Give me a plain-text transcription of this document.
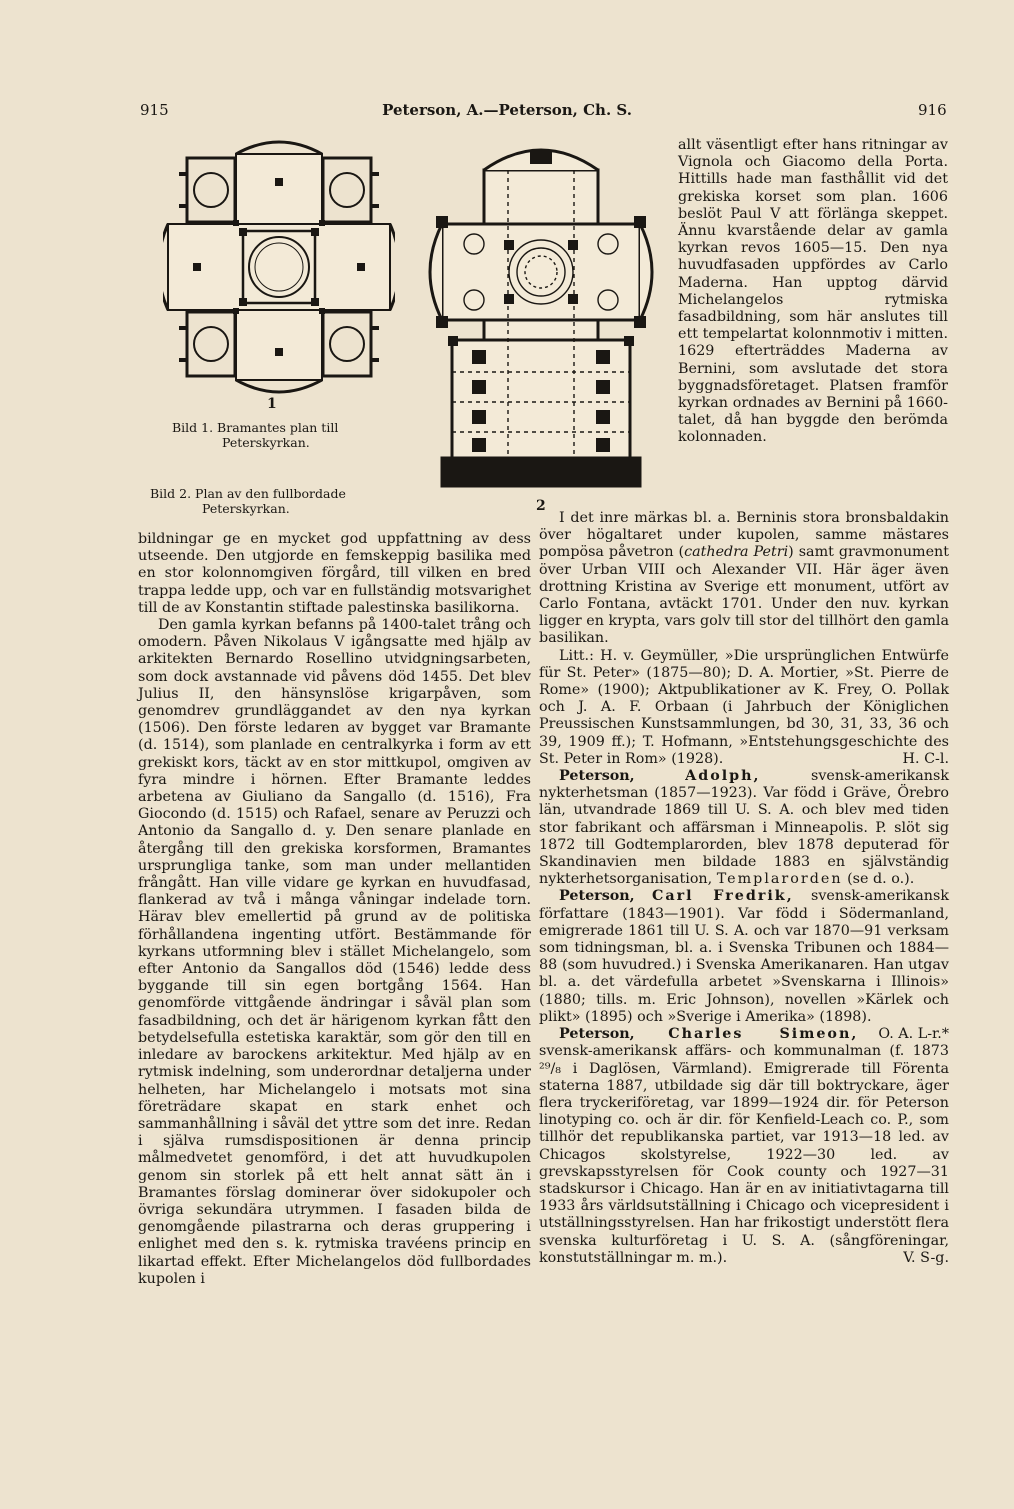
915	Peterson, A.—Peterson, Ch. S.	916
1
Bild 1. Bramantes plan till

Peterskyrkan.
2
Bild 2. Plan av den fullbordade

Peterskyrkan.

allt väsentligt efter hans ritningar av Vignola och Giacomo della Porta. Hittills hade man fasthållit vid det grekiska korset som plan. 1606 beslöt Paul V att förlänga skeppet. Ännu kvarstående delar av gamla kyrkan revos 1605—15. Den nya huvudfasaden uppfördes av Carlo Maderna. Han upptog därvid Michelangelos rytmiska fasadbildning, som här anslutes till ett tempelartat kolonnmotiv i mitten. 1629 efterträddes Maderna av Bernini, som avslutade det stora byggnadsföretaget. Platsen framför kyrkan ordnades av Bernini på 1660-talet, då han byggde den berömda kolonnaden.

bildningar ge en mycket god uppfattning av dess utseende. Den utgjorde en femskeppig basilika med en stor kolonnomgiven förgård, till vilken en bred trappa ledde upp, och var en fullständig motsvarighet till de av Konstantin stiftade palestinska basilikorna.

Den gamla kyrkan befanns på 1400-talet trång och omodern. Påven Nikolaus V igångsatte med hjälp av arkitekten Bernardo Rosellino utvidgningsarbeten, som dock avstannade vid påvens död 1455. Det blev Julius II, den hänsynslöse krigarpåven, som genomdrev grundläggandet av den nya kyrkan (1506). Den förste ledaren av bygget var Bramante (d. 1514), som planlade en centralkyrka i form av ett grekiskt kors, täckt av en stor mittkupol, omgiven av fyra mindre i hörnen. Efter Bramante leddes arbetena av Giuliano da Sangallo (d. 1516), Fra Giocondo (d. 1515) och Rafael, senare av Peruzzi och Antonio da Sangallo d. y. Den senare planlade en återgång till den grekiska korsformen, Bramantes ursprungliga tanke, som man under mellantiden frångått. Han ville vidare ge kyrkan en huvudfasad, flankerad av två i många våningar indelade torn. Härav blev emellertid på grund av de politiska förhållandena ingenting utfört. Bestämmande för kyrkans utformning blev i stället Michelangelo, som efter Antonio da Sangallos död (1546) ledde dess byggande till sin egen bortgång 1564. Han genomförde vittgående ändringar i såväl plan som fasadbildning, och det är härigenom kyrkan fått den betydelsefulla estetiska karaktär, som gör den till en inledare av barockens arkitektur. Med hjälp av en rytmisk indelning, som underordnar detaljerna under helheten, har Michelangelo i motsats mot sina företrädare skapat en stark enhet och sammanhållning i såväl det yttre som det inre. Redan i själva rumsdispositionen är denna princip målmedvetet genomförd, i det att huvudkupolen genom sin storlek på ett helt annat sätt än i Bramantes förslag dominerar över sidokupoler och övriga sekundära utrymmen. I fasaden bilda de genomgående pilastrarna och deras gruppering i enlighet med den s. k. rytmiska travéens princip en likartad effekt. Efter Michelangelos död fullbordades kupolen i

I det inre märkas bl. a. Berninis stora bronsbaldakin över högaltaret under kupolen, samme mästares pompösa påvetron (cathedra Petri) samt gravmonument över Urban VIII och Alexander VII. Här äger även drottning Kristina av Sverige ett monument, utfört av Carlo Fontana, avtäckt 1701. Under den nuv. kyrkan ligger en krypta, vars golv till stor del tillhört den gamla basilikan.

Litt.: H. v. Geymüller, »Die ursprünglichen Entwürfe für St. Peter» (1875—80); D. A. Mortier, »St. Pierre de Rome» (1900); Aktpublikationer av K. Frey, O. Pollak och J. A. F. Orbaan (i Jahrbuch der Königlichen Preussischen Kunstsammlungen, bd 30, 31, 33, 36 och 39, 1909 ff.); T. Hofmann, »Entstehungsgeschichte des St. Peter in Rom» (1928).	H. C-l.

Peterson,	Adolph,	svensk-amerikansk nykterhetsman (1857—1923). Var född i Gräve, Örebro län, utvandrade 1869 till U. S. A. och blev med tiden stor fabrikant och affärsman i Minneapolis. P. slöt sig 1872 till Godtemplarorden, blev 1878 deputerad för Skandinavien men bildade 1883 en självständig nykterhetsorganisation, Templarorden (se d. o.).

Peterson, Carl Fredrik, svensk-amerikansk författare (1843—1901). Var född i Södermanland, emigrerade 1861 till U. S. A. och var 1870—91 verksam som tidningsman, bl. a. i Svenska Tribunen och 1884—88 (som huvudred.) i Svenska Amerikanaren. Han utgav bl. a. det värdefulla arbetet »Svenskarna i Illinois» (1880; tills. m. Eric Johnson), novellen »Kärlek och plikt» (1895) och »Sverige i Amerika» (1898).
O. A. L-r.*

Peterson, Charles Simeon, svensk-amerikansk affärs- och kommunalman (f. 1873 ²⁹/₈ i Daglösen, Värmland). Emigrerade till Förenta staterna 1887, utbildade sig där till boktryckare, äger flera tryckeriföretag, var 1899—1924 dir. för Peterson linotyping co. och är dir. för Kenfield-Leach co. P., som tillhör det republikanska partiet, var 1913—18 led. av Chicagos skolstyrelse, 1922—30 led. av grevskapsstyrelsen för Cook county och 1927—31 stadskursor i Chicago. Han är en av initiativtagarna till 1933 års världsutställning i Chicago och vicepresident i utställningsstyrelsen. Han har frikostigt understött flera svenska kulturföretag i U. S. A. (sångföreningar, konstutställningar m. m.).	V. S-g.
